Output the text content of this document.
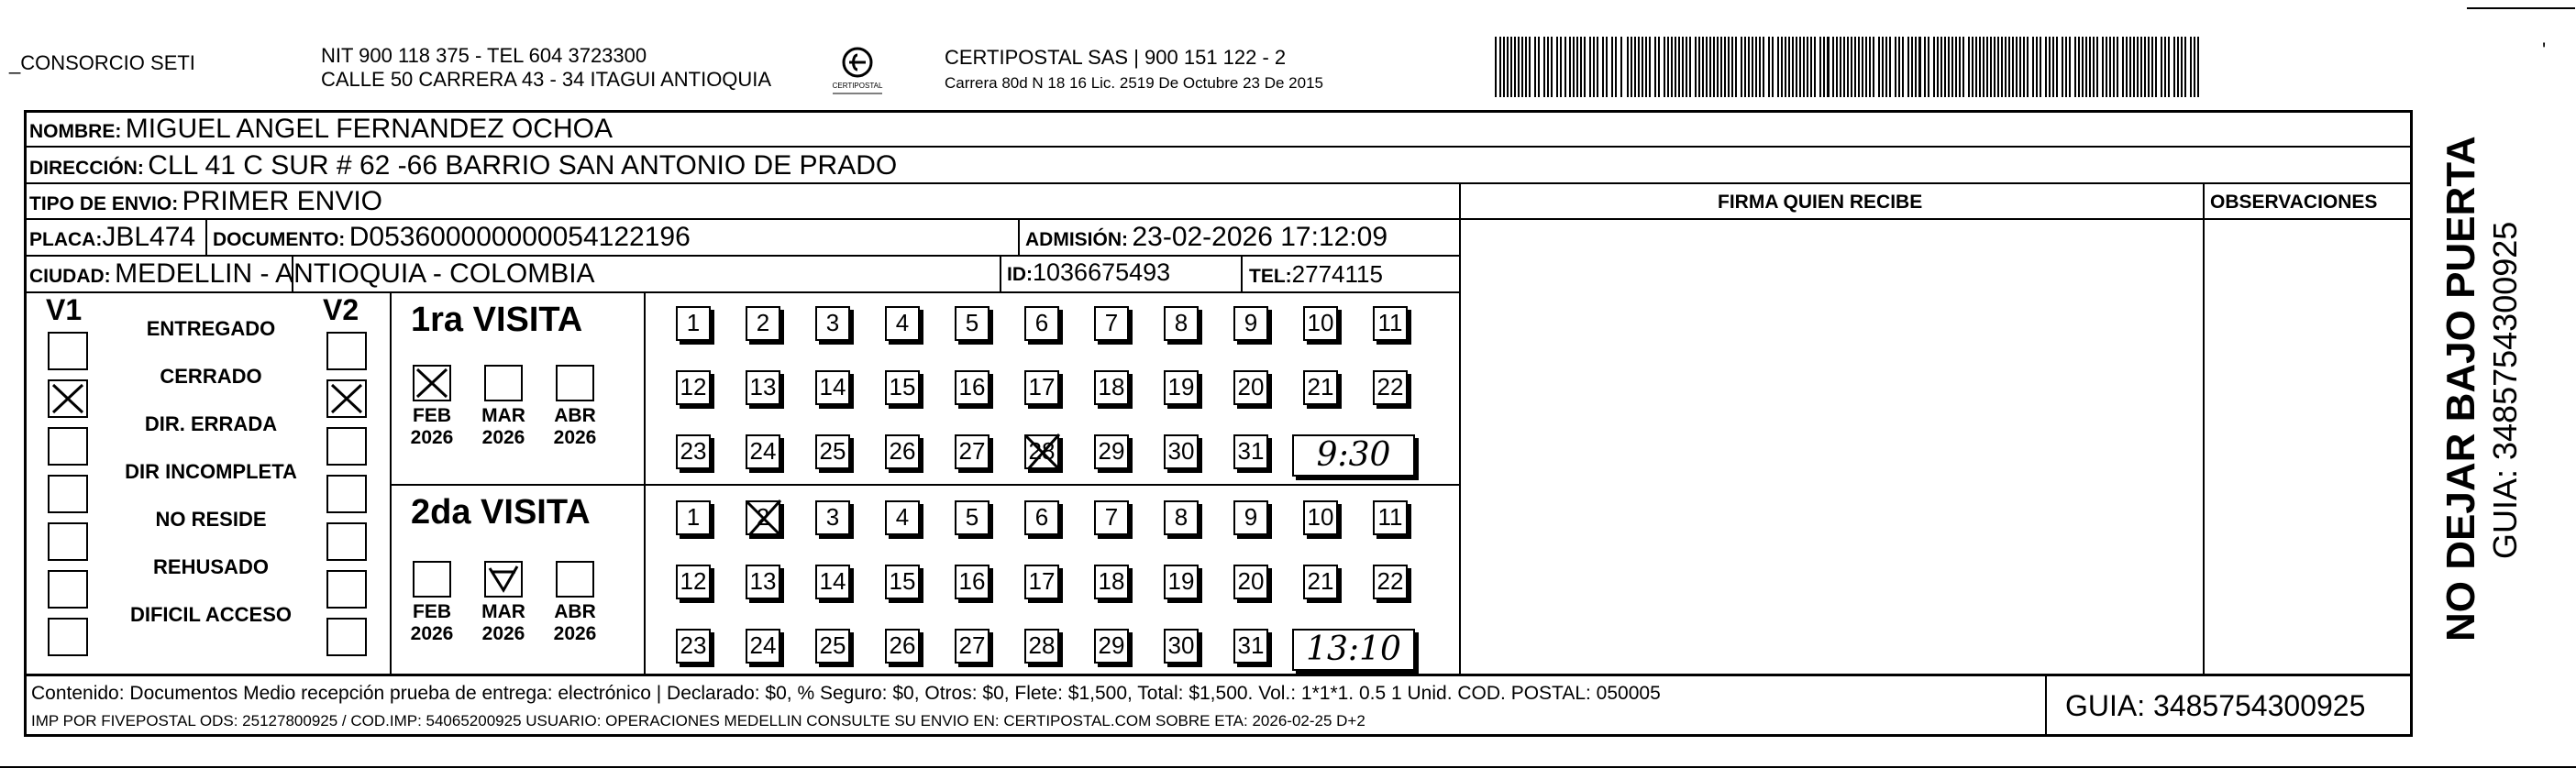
_CONSORCIO SETI	NIT 900 118 375 - TEL 604 3723300
CALLE 50 CARRERA 43 - 34 ITAGUI ANTIOQUIA	CERTIPOSTAL
CERTIPOSTAL SAS | 900 151 122 - 2
Carrera 80d N 18 16 Lic. 2519 De Octubre 23 De 2015
'
NOMBRE: MIGUEL ANGEL FERNANDEZ OCHOA
DIRECCIÓN: CLL 41 C SUR # 62 -66 BARRIO SAN ANTONIO DE PRADO
TIPO DE ENVIO: PRIMER ENVIO	FIRMA QUIEN RECIBE	OBSERVACIONES
PLACA:JBL474 DOCUMENTO: D053600000000054122196	ADMISIÓN: 23-02-2026 17:12:09
CIUDAD: MEDELLIN - ANTIOQUIA - COLOMBIA	ID:1036675493	TEL:2774115
V1	V2
ENTREGADO
CERRADO
DIR. ERRADA
DIR INCOMPLETA
NO RESIDE
REHUSADO
DIFICIL ACCESO
1ra VISITA
2da VISITA
FEB
2026
MAR
2026
ABR
2026
FEB
2026
MAR
2026
ABR
2026
1	2	3	4	5	6	7	8	9	10 11
12 13 14 15 16 17 18 19 20 21 22
23 24 25 26 27 28 29 30 31	9:30
1	2	3	4	5	6	7	8	9	10 11
12 13 14 15 16 17 18 19 20 21 22
23 24 25 26 27 28 29 30 31	13:10
Contenido: Documentos Medio recepción prueba de entrega: electrónico | Declarado: $0, % Seguro: $0, Otros: $0, Flete: $1,500, Total: $1,500. Vol.: 1*1*1. 0.5 1 Unid. COD. POSTAL: 050005
IMP POR FIVEPOSTAL ODS: 25127800925 / COD.IMP: 54065200925 USUARIO: OPERACIONES MEDELLIN CONSULTE SU ENVIO EN: CERTIPOSTAL.COM SOBRE ETA: 2026-02-25 D+2	GUIA: 3485754300925
NO DEJAR BAJO PUERTA GUIA: 3485754300925
